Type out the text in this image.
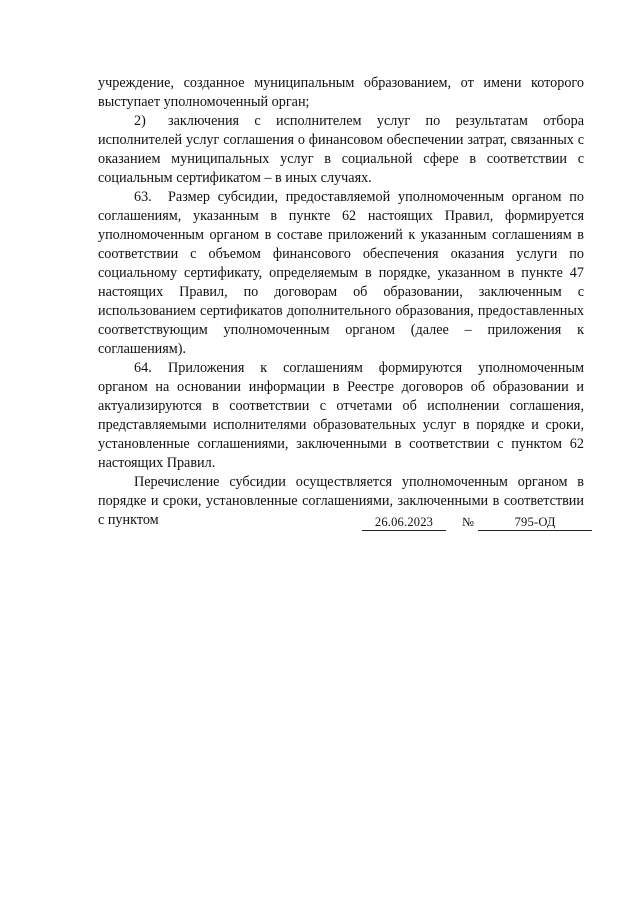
учреждение, созданное муниципальным образованием, от имени которого выступает уполномоченный орган;

2) заключения с исполнителем услуг по результатам отбора исполнителей услуг соглашения о финансовом обеспечении затрат, связанных с оказанием муниципальных услуг в социальной сфере в соответствии с социальным сертификатом – в иных случаях.

63. Размер субсидии, предоставляемой уполномоченным органом по соглашениям, указанным в пункте 62 настоящих Правил, формируется уполномоченным органом в составе приложений к указанным соглашениям в соответствии с объемом финансового обеспечения оказания услуги по социальному сертификату, определяемым в порядке, указанном в пункте 47 настоящих Правил, по договорам об образовании, заключенным с использованием сертификатов дополнительного образования, предоставленных соответствующим уполномоченным органом (далее – приложения к соглашениям).

64. Приложения к соглашениям формируются уполномоченным органом на основании информации в Реестре договоров об образовании и актуализируются в соответствии с отчетами об исполнении соглашения, представляемыми исполнителями образовательных услуг в порядке и сроки, установленные соглашениями, заключенными в соответствии с пунктом 62 настоящих Правил.

Перечисление субсидии осуществляется уполномоченным органом в порядке и сроки, установленные соглашениями, заключенными в соответствии с пунктом	26.06.2023 №	795-ОД
